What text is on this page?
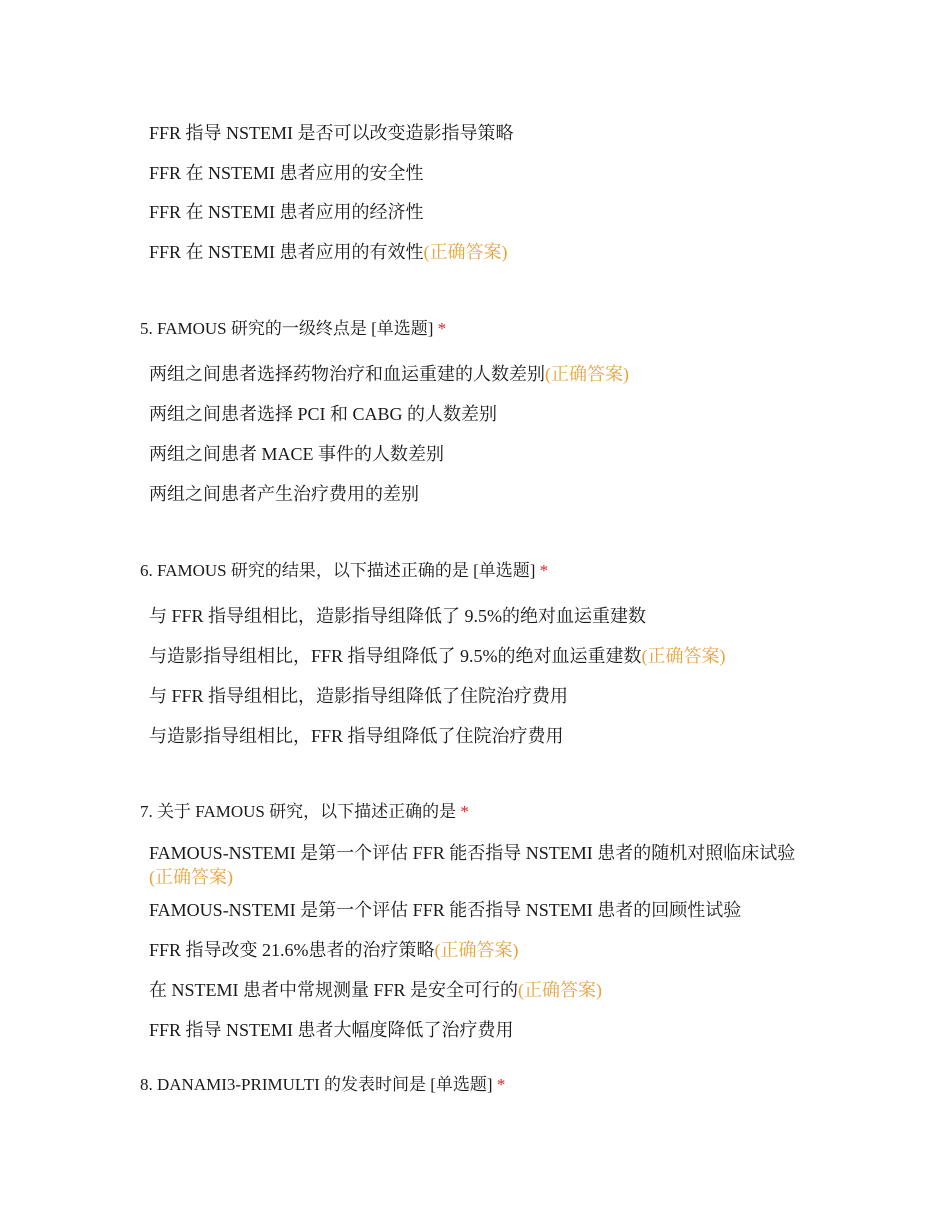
FFR 指导 NSTEMI 是否可以改变造影指导策略
FFR 在 NSTEMI 患者应用的安全性
FFR 在 NSTEMI 患者应用的经济性
FFR 在 NSTEMI 患者应用的有效性(正确答案)
5. FAMOUS 研究的一级终点是 [单选题] *
两组之间患者选择药物治疗和血运重建的人数差别(正确答案)
两组之间患者选择 PCI 和 CABG 的人数差别
两组之间患者 MACE 事件的人数差别
两组之间患者产生治疗费用的差别
6. FAMOUS 研究的结果，以下描述正确的是 [单选题] *
与 FFR 指导组相比，造影指导组降低了 9.5%的绝对血运重建数
与造影指导组相比，FFR 指导组降低了 9.5%的绝对血运重建数(正确答案)
与 FFR 指导组相比，造影指导组降低了住院治疗费用
与造影指导组相比，FFR 指导组降低了住院治疗费用
7. 关于 FAMOUS 研究，以下描述正确的是 *
FAMOUS-NSTEMI 是第一个评估 FFR 能否指导 NSTEMI 患者的随机对照临床试验(正确答案)
FAMOUS-NSTEMI 是第一个评估 FFR 能否指导 NSTEMI 患者的回顾性试验
FFR 指导改变 21.6%患者的治疗策略(正确答案)
在 NSTEMI 患者中常规测量 FFR 是安全可行的(正确答案)
FFR 指导 NSTEMI 患者大幅度降低了治疗费用
8. DANAMI3-PRIMULTI 的发表时间是 [单选题] *
